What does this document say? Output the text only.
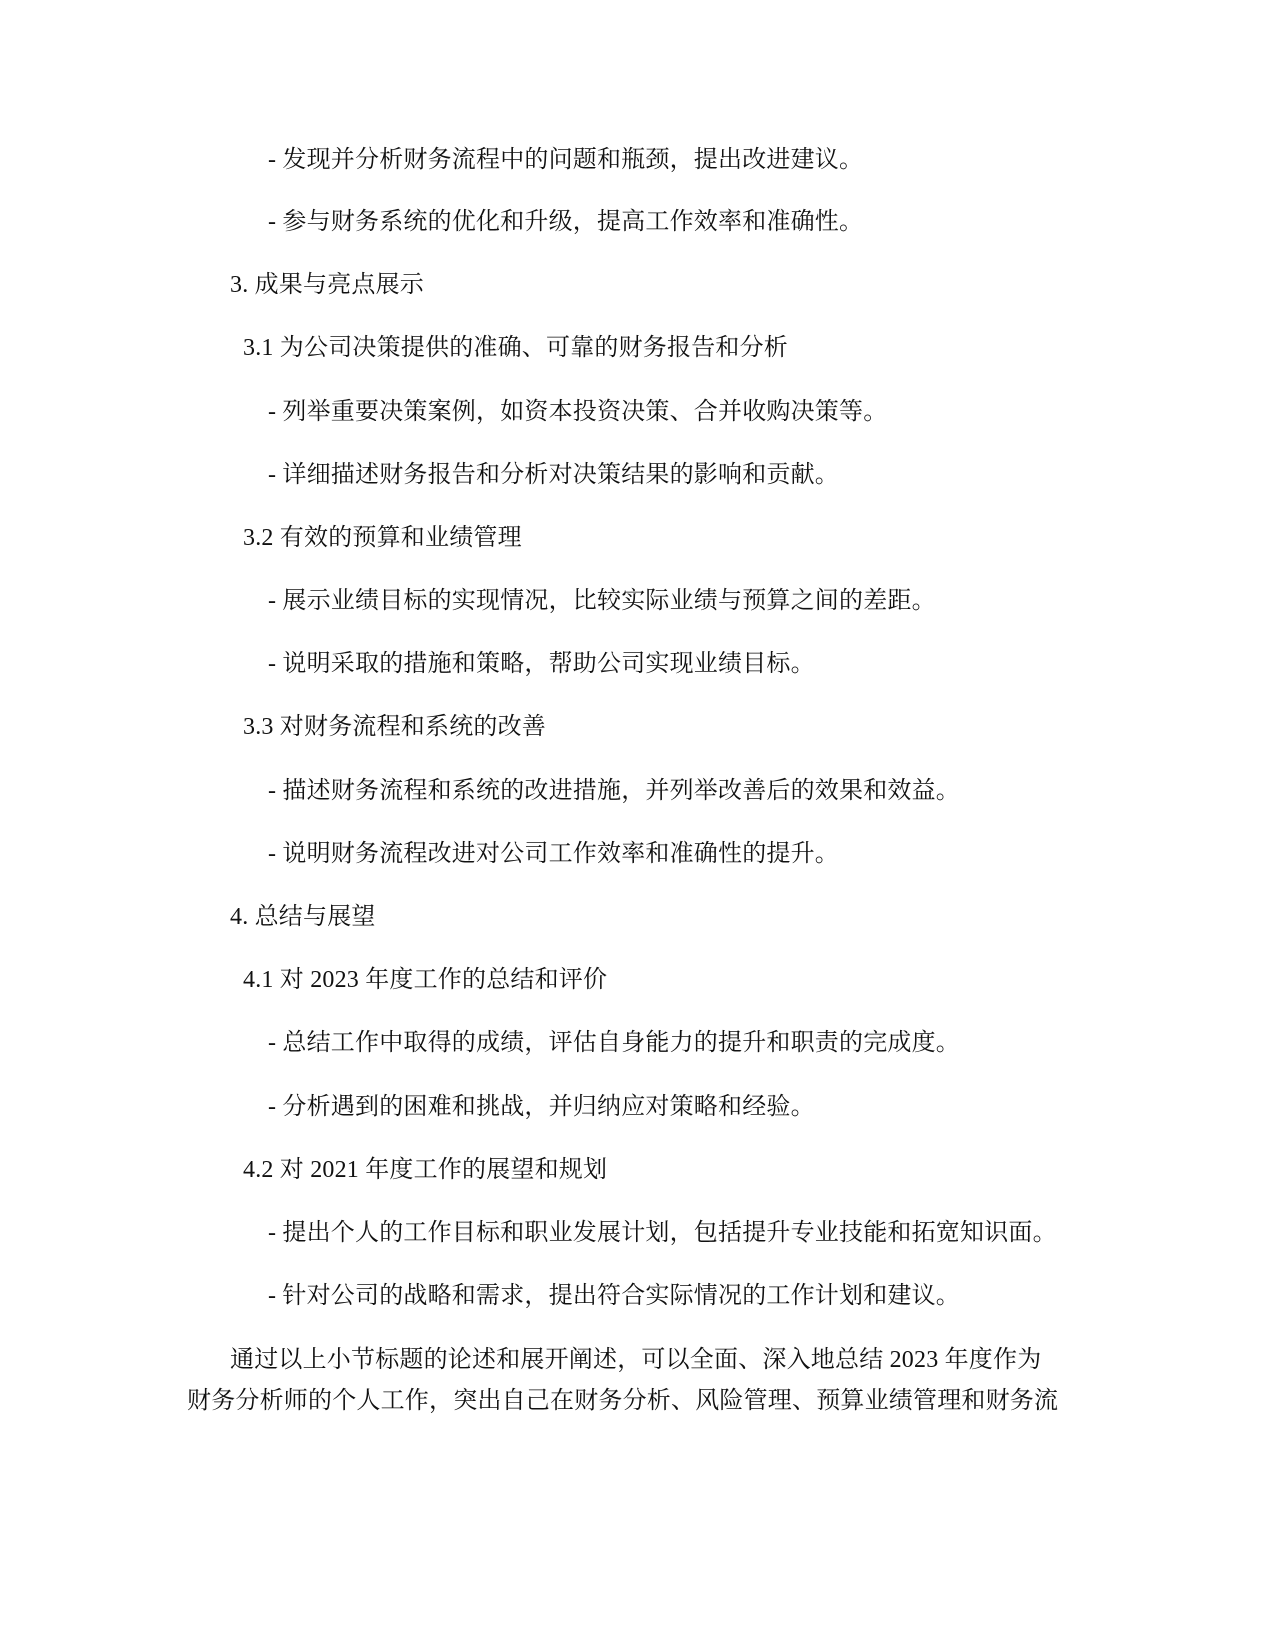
- 发现并分析财务流程中的问题和瓶颈，提出改进建议。
- 参与财务系统的优化和升级，提高工作效率和准确性。
3. 成果与亮点展示
3.1 为公司决策提供的准确、可靠的财务报告和分析
- 列举重要决策案例，如资本投资决策、合并收购决策等。
- 详细描述财务报告和分析对决策结果的影响和贡献。
3.2 有效的预算和业绩管理
- 展示业绩目标的实现情况，比较实际业绩与预算之间的差距。
- 说明采取的措施和策略，帮助公司实现业绩目标。
3.3 对财务流程和系统的改善
- 描述财务流程和系统的改进措施，并列举改善后的效果和效益。
- 说明财务流程改进对公司工作效率和准确性的提升。
4. 总结与展望
4.1 对 2023 年度工作的总结和评价
- 总结工作中取得的成绩，评估自身能力的提升和职责的完成度。
- 分析遇到的困难和挑战，并归纳应对策略和经验。
4.2 对 2021 年度工作的展望和规划
- 提出个人的工作目标和职业发展计划，包括提升专业技能和拓宽知识面。
- 针对公司的战略和需求，提出符合实际情况的工作计划和建议。
通过以上小节标题的论述和展开阐述，可以全面、深入地总结 2023 年度作为
财务分析师的个人工作，突出自己在财务分析、风险管理、预算业绩管理和财务流
